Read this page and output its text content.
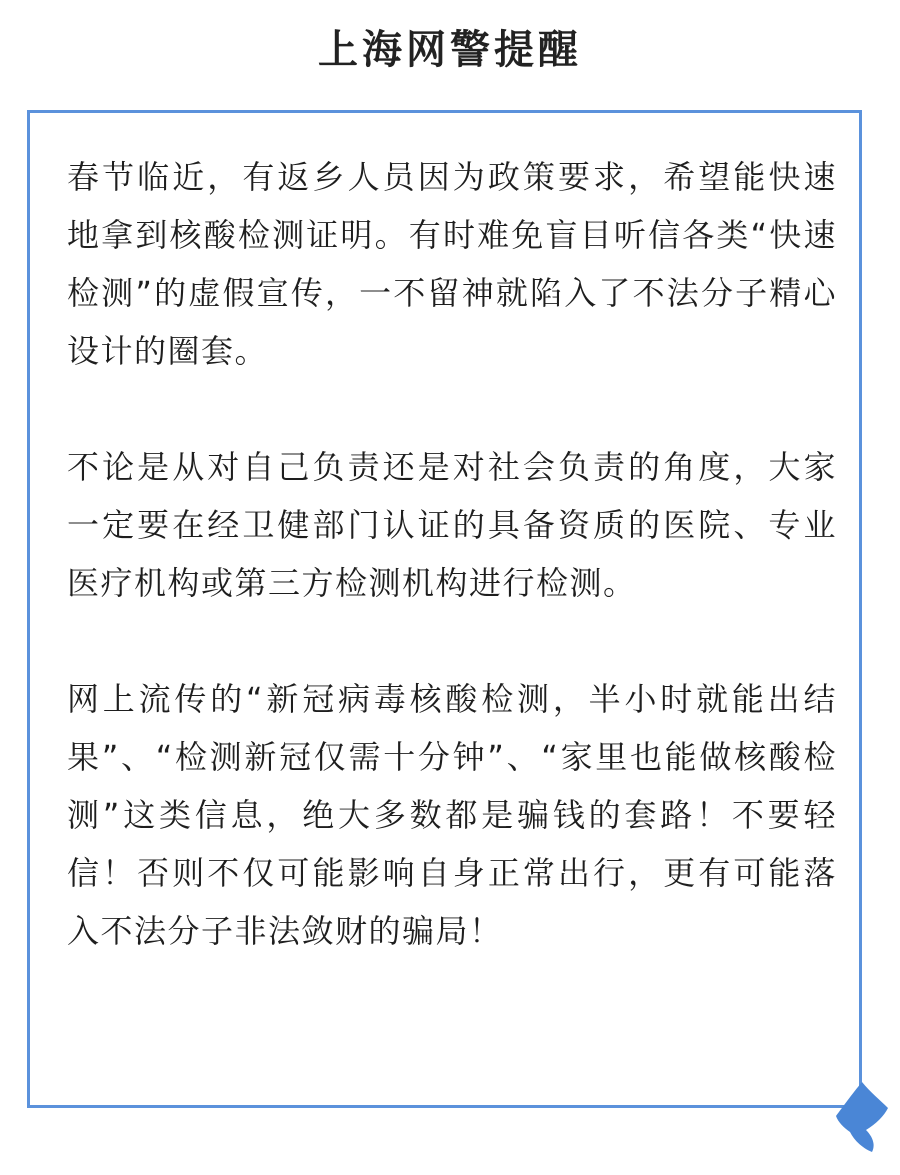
上海网警提醒

春节临近，有返乡人员因为政策要求，希望能快速地拿到核酸检测证明。有时难免盲目听信各类“快速检测”的虚假宣传，一不留神就陷入了不法分子精心设计的圈套。

不论是从对自己负责还是对社会负责的角度，大家一定要在经卫健部门认证的具备资质的医院、专业医疗机构或第三方检测机构进行检测。

网上流传的“新冠病毒核酸检测，半小时就能出结果”、“检测新冠仅需十分钟”、“家里也能做核酸检测”这类信息，绝大多数都是骗钱的套路！不要轻信！否则不仅可能影响自身正常出行，更有可能落入不法分子非法敛财的骗局！
